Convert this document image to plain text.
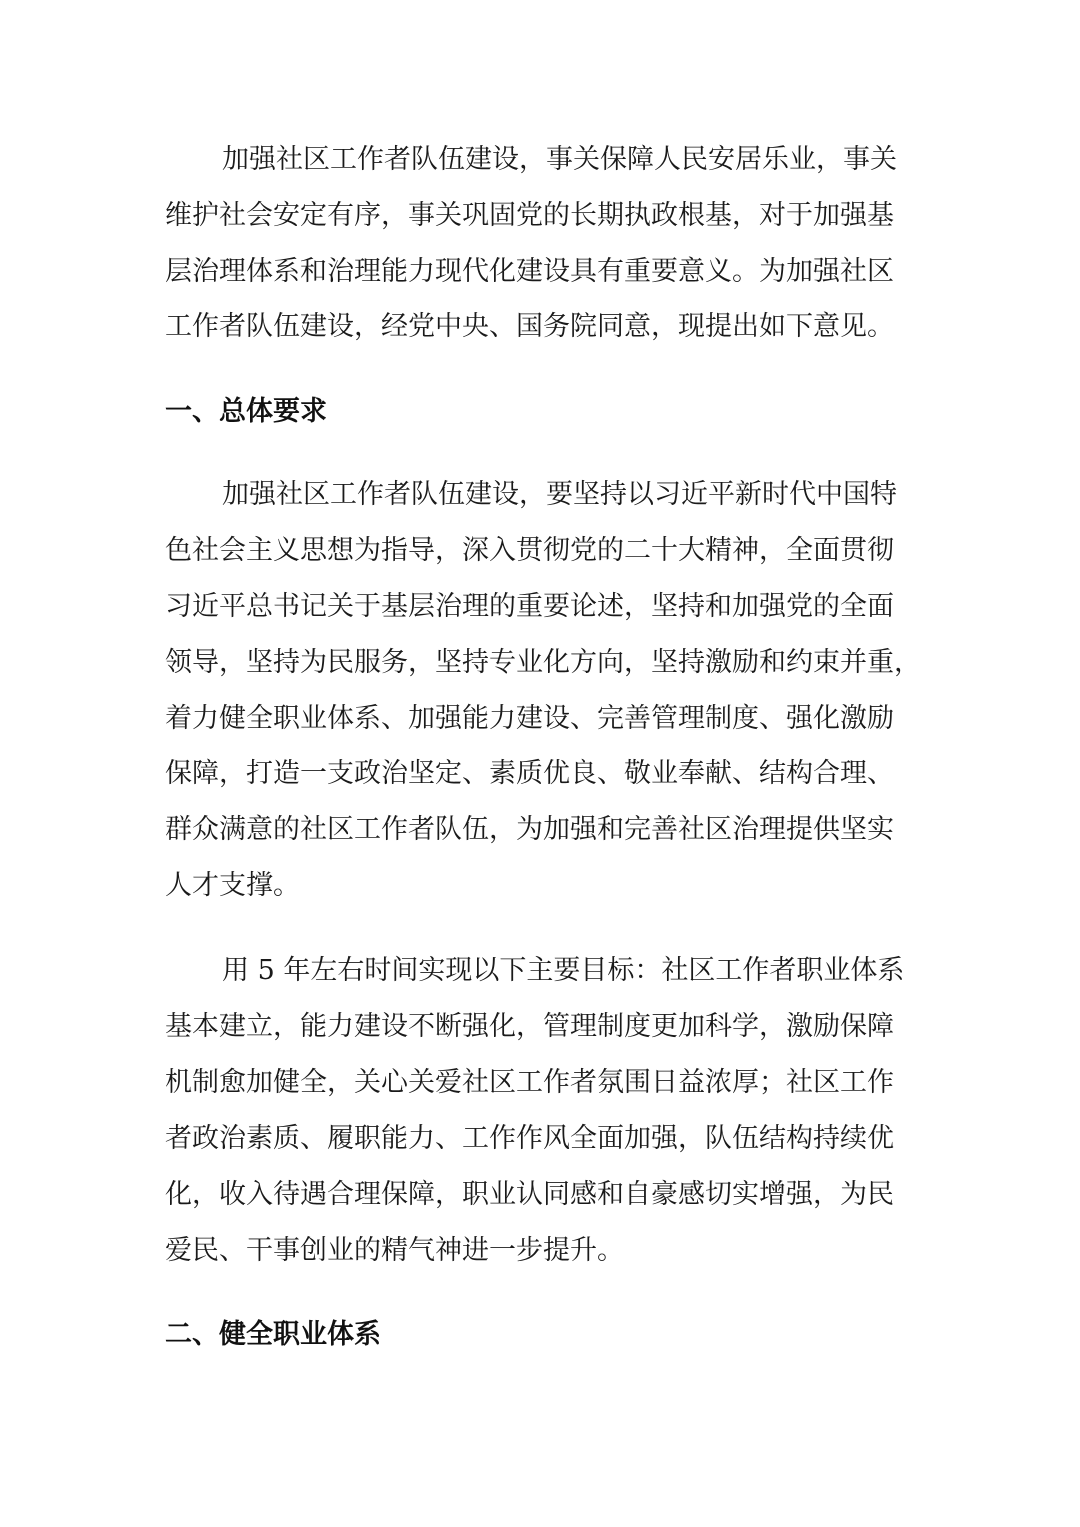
加强社区工作者队伍建设，事关保障人民安居乐业，事关

维护社会安定有序，事关巩固党的长期执政根基，对于加强基

层治理体系和治理能力现代化建设具有重要意义。为加强社区

工作者队伍建设，经党中央、国务院同意，现提出如下意见。

一、总体要求

加强社区工作者队伍建设，要坚持以习近平新时代中国特

色社会主义思想为指导，深入贯彻党的二十大精神，全面贯彻

习近平总书记关于基层治理的重要论述，坚持和加强党的全面

领导，坚持为民服务，坚持专业化方向，坚持激励和约束并重，

着力健全职业体系、加强能力建设、完善管理制度、强化激励

保障，打造一支政治坚定、素质优良、敬业奉献、结构合理、

群众满意的社区工作者队伍，为加强和完善社区治理提供坚实

人才支撑。

用 5 年左右时间实现以下主要目标：社区工作者职业体系

基本建立，能力建设不断强化，管理制度更加科学，激励保障

机制愈加健全，关心关爱社区工作者氛围日益浓厚；社区工作

者政治素质、履职能力、工作作风全面加强，队伍结构持续优

化，收入待遇合理保障，职业认同感和自豪感切实增强，为民

爱民、干事创业的精气神进一步提升。

二、健全职业体系
